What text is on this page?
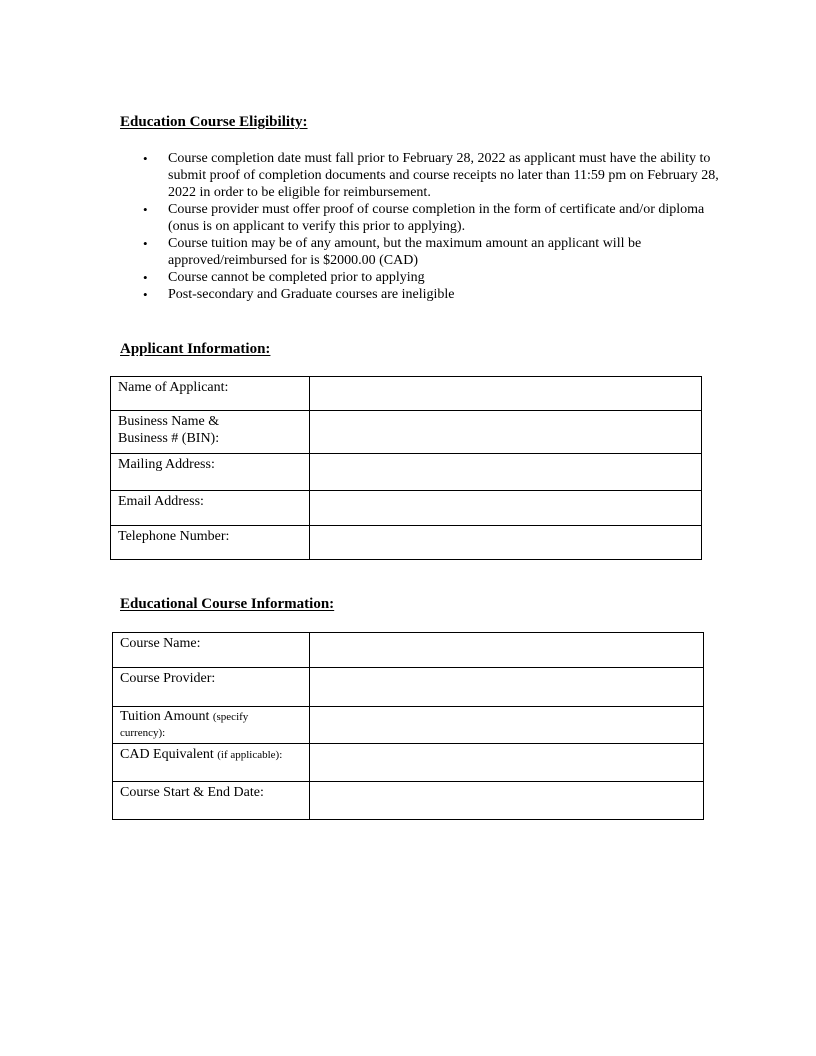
Education Course Eligibility:
• Course completion date must fall prior to February 28, 2022 as applicant must have the ability to submit proof of completion documents and course receipts no later than 11:59 pm on February 28, 2022 in order to be eligible for reimbursement.
• Course provider must offer proof of course completion in the form of certificate and/or diploma (onus is on applicant to verify this prior to applying).
• Course tuition may be of any amount, but the maximum amount an applicant will be approved/reimbursed for is $2000.00 (CAD)
• Course cannot be completed prior to applying
• Post-secondary and Graduate courses are ineligible
Applicant Information:
Name of Applicant:	
Business Name &
Business # (BIN):	
Mailing Address:	
Email Address:	
Telephone Number:	
Educational Course Information:
Course Name:	
Course Provider:	
Tuition Amount (specify
currency):	
CAD Equivalent (if applicable):	
Course Start & End Date:	
